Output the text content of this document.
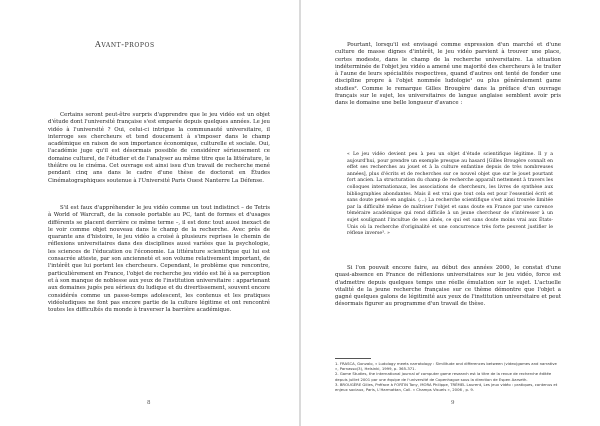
Avant-propos

Certains seront peut-être surpris d'apprendre que le jeu vidéo est un objet d'étude dont l'université française s'est emparée depuis quelques années. Le jeu vidéo à l'université ? Oui, celui-ci intrigue la communauté universitaire, il interroge ses chercheurs et tend doucement à s'imposer dans le champ académique en raison de son importance économique, culturelle et sociale. Oui, l'académie juge qu'il est désormais possible de considérer sérieusement ce domaine culturel, de l'étudier et de l'analyser au même titre que la littérature, le théâtre ou le cinéma. Cet ouvrage est ainsi issu d'un travail de recherche mené pendant cinq ans dans le cadre d'une thèse de doctorat en Études Cinématographiques soutenue à l'Université Paris Ouest Nanterre La Défense.

S'il est faux d'appréhender le jeu vidéo comme un tout indistinct – de Tetris à World of Warcraft, de la console portable au PC, tant de formes et d'usages différents se placent derrière ce même terme –, il est donc tout aussi inexact de le voir comme objet nouveau dans le champ de la recherche. Avec près de quarante ans d'histoire, le jeu vidéo a croisé à plusieurs reprises le chemin de réflexions universitaires dans des disciplines aussi variées que la psychologie, les sciences de l'éducation ou l'économie. La littérature scientifique qui lui est consacrée atteste, par son ancienneté et son volume relativement important, de l'intérêt que lui portent les chercheurs. Cependant, le problème que rencontre, particulièrement en France, l'objet de recherche jeu vidéo est lié à sa perception et à son manque de noblesse aux yeux de l'institution universitaire : appartenant aux domaines jugés peu sérieux du ludique et du divertissement, souvent encore considérés comme un passe-temps adolescent, les contenus et les pratiques vidéoludiques ne font pas encore partie de la culture légitime et ont rencontré toutes les difficultés du monde à traverser la barrière académique.

8

Pourtant, lorsqu'il est envisagé comme expression d'un marché et d'une culture de masse dignes d'intérêt, le jeu vidéo parvient à trouver une place, certes modeste, dans le champ de la recherche universitaire. La situation indéterminée de l'objet jeu vidéo a amené une majorité des chercheurs à le traiter à l'aune de leurs spécialités respectives, quand d'autres ont tenté de fonder une discipline propre à l'objet nommée ludologie¹ ou plus généralement game studies². Comme le remarque Gilles Brougère dans la préface d'un ouvrage français sur le sujet, les universitaires de langue anglaise semblent avoir pris dans le domaine une belle longueur d'avance :

« Le jeu vidéo devient peu à peu un objet d'étude scientifique légitime. Il y a aujourd'hui, pour prendre un exemple presque au hasard [Gilles Brougère connaît en effet ses recherches au jouet et à la culture enfantine depuis de très nombreuses années], plus d'écrits et de recherches sur ce nouvel objet que sur le jouet pourtant fort ancien. La structuration du champ de recherche apparaît nettement à travers les colloques internationaux, les associations de chercheurs, les livres de synthèse aux bibliographies abondantes. Mais il est vrai que tout cela est pour l'essentiel écrit et sans doute pensé en anglais. (…) La recherche scientifique s'est ainsi trouvée limitée par la difficulté même de maîtriser l'objet et sans doute en France par une carence téméraire académique qui rend difficile à un jeune chercheur de s'intéresser à un sujet soulignant l'incultue de ses aînés, ce qui est sans doute moins vrai aux États-Unis où la recherche d'originalité et une concurrence très forte peuvent justifier le réflexe inverse³. »

Si l'on pouvait encore faire, au début des années 2000, le constat d'une quasi-absence en France de réflexions universitaires sur le jeu vidéo, force est d'admettre depuis quelques temps une réelle émulation sur le sujet. L'actuelle vitalité de la jeune recherche française sur ce thème démontre que l'objet a gagné quelques galons de légitimité aux yeux de l'institution universitaire et peut désormais figurer au programme d'un travail de thèse.

1. FRASCA, Gonzalo, « Ludology meets narratology : Similitude and differences between (video)games and narrative », Parnasso(3), Helsinki, 1999, p. 365-371.
2. Game Studies, the international journal of computer game research est la titre de la revue de recherche éditée depuis juillet 2001 par une équipe de l'université de Copenhague sous la direction de Espen Aarseth.
3. BROUGÈRE Gilles, Préface à FORTIN Tony, MORA Philippe, TRÉMEL Laurent, Les jeux vidéo : pratiques, contenus et enjeux sociaux, Paris, L'Harmattan, Coll. « Champs Visuels », 2006 , p. 9.
9
